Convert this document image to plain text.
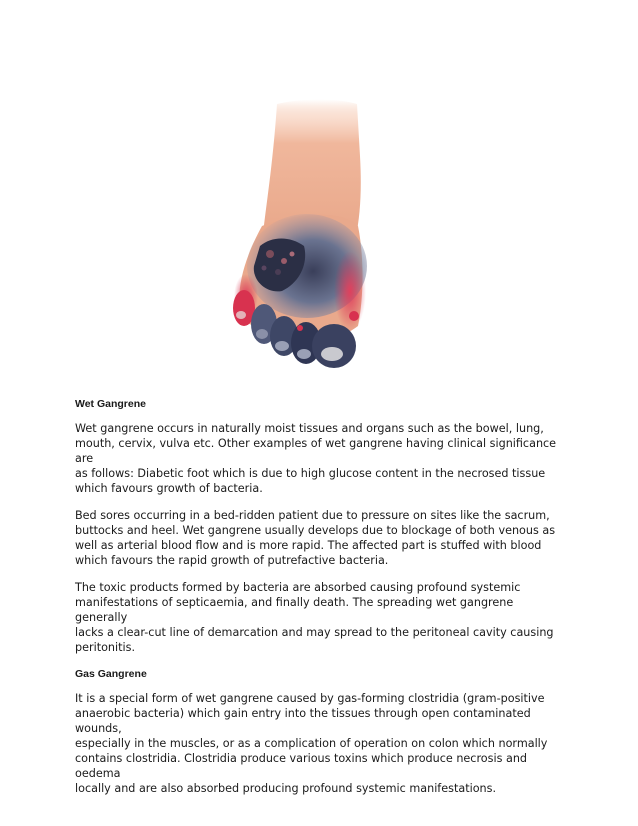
Wet Gangrene
Wet gangrene occurs in naturally moist tissues and organs such as the bowel, lung,
mouth, cervix, vulva etc. Other examples of wet gangrene having clinical significance are
as follows: Diabetic foot which is due to high glucose content in the necrosed tissue
which favours growth of bacteria.
Bed sores occurring in a bed-ridden patient due to pressure on sites like the sacrum,
buttocks and heel. Wet gangrene usually develops due to blockage of both venous as
well as arterial blood flow and is more rapid. The affected part is stuffed with blood
which favours the rapid growth of putrefactive bacteria.
The toxic products formed by bacteria are absorbed causing profound systemic
manifestations of septicaemia, and finally death. The spreading wet gangrene generally
lacks a clear-cut line of demarcation and may spread to the peritoneal cavity causing
peritonitis.
Gas Gangrene
It is a special form of wet gangrene caused by gas-forming clostridia (gram-positive
anaerobic bacteria) which gain entry into the tissues through open contaminated wounds,
especially in the muscles, or as a complication of operation on colon which normally
contains clostridia. Clostridia produce various toxins which produce necrosis and oedema
locally and are also absorbed producing profound systemic manifestations.
